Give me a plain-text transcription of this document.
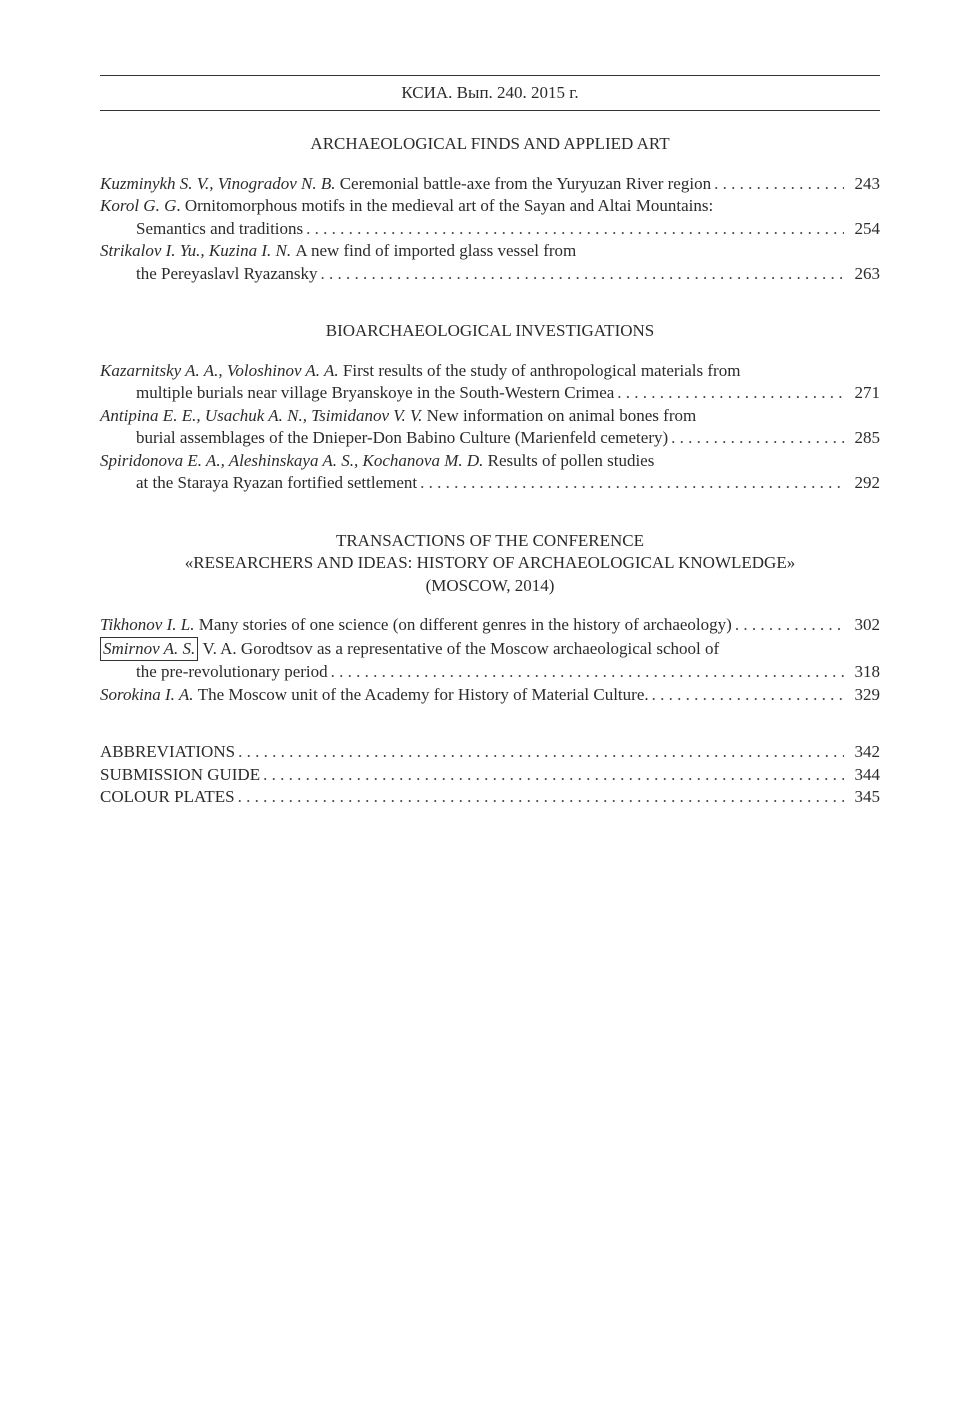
КСИА. Вып. 240. 2015 г.
ARCHAEOLOGICAL FINDS AND APPLIED ART
Kuzminykh S. V., Vinogradov N. B.
Ceremonial battle-axe from the Yuryuzan River region . . .	243
Korol G. G . Ornitomorphous motifs in the medieval art of the Sayan and Altai Mountains:
Semantics and traditions . . .	254
Strikalov I. Yu., Kuzina I. N.
A new find of imported glass vessel from
the Pereyaslavl Ryazansky . . .	263
BIOARCHAEOLOGICAL INVESTIGATIONS
Kazarnitsky A. A., Voloshinov A. A.
First results of the study of anthropological materials from
multiple burials near village Bryanskoye in the South-Western Crimea . . .	271
Antipina E. E., Usachuk A. N., Tsimidanov V. V.
New information on animal bones from
burial assemblages of the Dnieper-Don Babino Culture (Marienfeld cemetery) . . .	285
Spiridonova E. A., Aleshinskaya A. S., Kochanova M. D.
Results of pollen studies
at the Staraya Ryazan fortified settlement . . .	292
TRANSACTIONS OF THE CONFERENCE
«RESEARCHERS AND IDEAS: HISTORY OF ARCHAEOLOGICAL KNOWLEDGE»
(MOSCOW, 2014)
Tikhonov I. L.
Many stories of one science (on different genres in the history of archaeology) . . .	302
Smirnov A. S.
V. A. Gorodtsov as a representative of the Moscow archaeological school of
the pre-revolutionary period . . .	318
Sorokina I. A.
The Moscow unit of the Academy for History of Material Culture. . . .	329
ABBREVIATIONS . . .	342
SUBMISSION GUIDE . . .	344
COLOUR PLATES . . .	345
